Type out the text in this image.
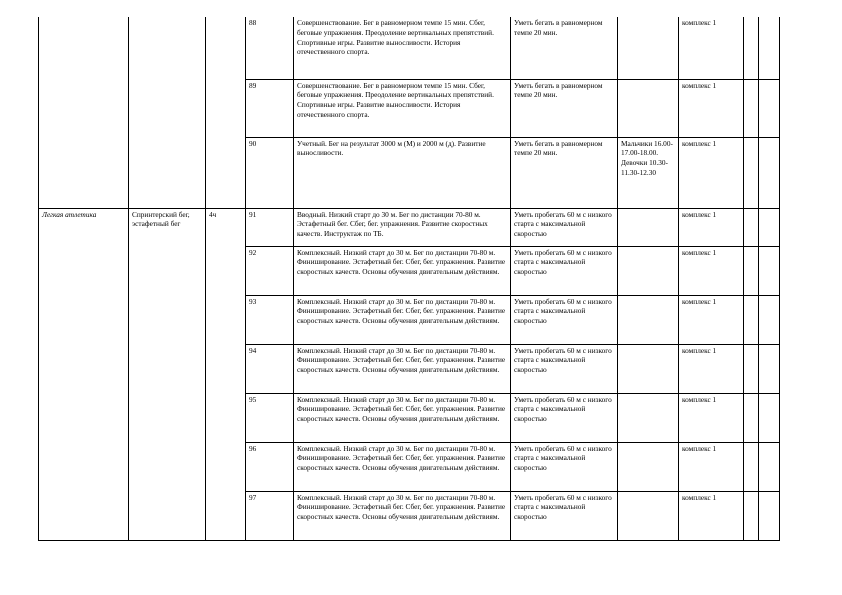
			88	Совершенствование. Бег в равномерном темпе 15 мин. Сбег, беговые упражнения. Преодоление вертикальных препятствий. Спортивные игры. Развитие выносливости. История отечественного спорта.	Уметь бегать в равномерном темпе 20 мин.		комплекс 1		
			89	Совершенствование. Бег в равномерном темпе 15 мин. Сбег, беговые упражнения. Преодоление вертикальных препятствий. Спортивные игры. Развитие выносливости. История отечественного спорта.	Уметь бегать в равномерном темпе 20 мин.		комплекс 1		
			90	Учетный. Бег на результат 3000 м (М) и 2000 м (д). Развитие выносливости.	Уметь бегать в равномерном темпе 20 мин.	Мальчики 16.00-17.00-18.00. Девочки 10.30-11.30-12.30	комплекс 1		
Легкая атлетика	Спринтерский бег, эстафетный бег	4ч	91	Вводный. Низкий старт до 30 м. Бег по дистанции 70-80 м. Эстафетный бег. Сбег, бег. упражнения. Развитие скоростных качеств. Инструктаж по ТБ.	Уметь пробегать 60 м с низкого старта с максимальной скоростью		комплекс 1		
			92	Комплексный. Низкий старт до 30 м. Бег по дистанции 70-80 м. Финиширование. Эстафетный бег. Сбег, бег. упражнения. Развитие скоростных качеств. Основы обучения двигательным действиям.	Уметь пробегать 60 м с низкого старта с максимальной скоростью		комплекс 1		
			93	Комплексный. Низкий старт до 30 м. Бег по дистанции 70-80 м. Финиширование. Эстафетный бег. Сбег, бег. упражнения. Развитие скоростных качеств. Основы обучения двигательным действиям.	Уметь пробегать 60 м с низкого старта с максимальной скоростью		комплекс 1		
			94	Комплексный. Низкий старт до 30 м. Бег по дистанции 70-80 м. Финиширование. Эстафетный бег. Сбег, бег. упражнения. Развитие скоростных качеств. Основы обучения двигательным действиям.	Уметь пробегать 60 м с низкого старта с максимальной скоростью		комплекс 1		
			95	Комплексный. Низкий старт до 30 м. Бег по дистанции 70-80 м. Финиширование. Эстафетный бег. Сбег, бег. упражнения. Развитие скоростных качеств. Основы обучения двигательным действиям.	Уметь пробегать 60 м с низкого старта с максимальной скоростью		комплекс 1		
			96	Комплексный. Низкий старт до 30 м. Бег по дистанции 70-80 м. Финиширование. Эстафетный бег. Сбег, бег. упражнения. Развитие скоростных качеств. Основы обучения двигательным действиям.	Уметь пробегать 60 м с низкого старта с максимальной скоростью		комплекс 1		
			97	Комплексный. Низкий старт до 30 м. Бег по дистанции 70-80 м. Финиширование. Эстафетный бег. Сбег, бег. упражнения. Развитие скоростных качеств. Основы обучения двигательным действиям.	Уметь пробегать 60 м с низкого старта с максимальной скоростью		комплекс 1		
